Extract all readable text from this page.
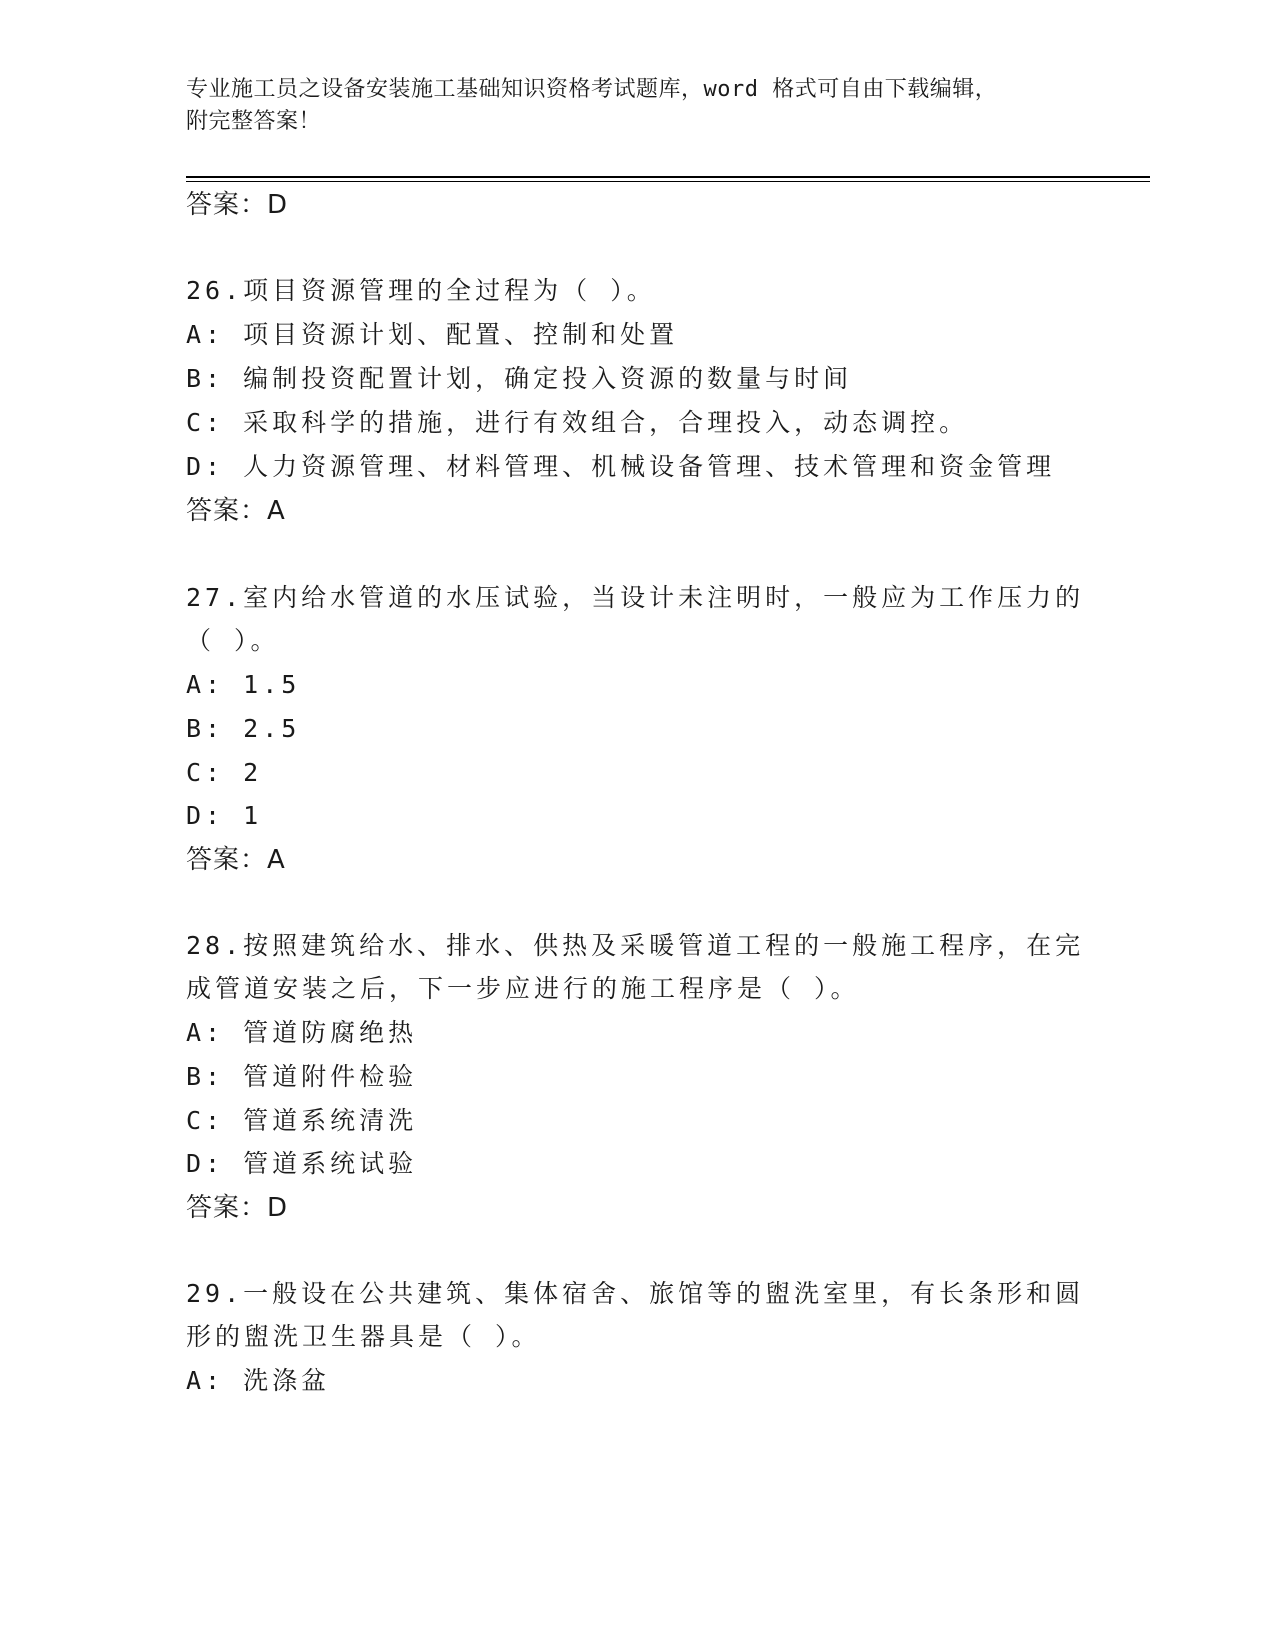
专业施工员之设备安装施工基础知识资格考试题库，word 格式可自由下载编辑，
附完整答案！
答案：D
26.项目资源管理的全过程为（ ）。
A: 项目资源计划、配置、控制和处置
B: 编制投资配置计划，确定投入资源的数量与时间
C: 采取科学的措施，进行有效组合，合理投入，动态调控。
D: 人力资源管理、材料管理、机械设备管理、技术管理和资金管理
答案：A
27.室内给水管道的水压试验，当设计未注明时，一般应为工作压力的
（ ）。
A: 1.5
B: 2.5
C: 2
D: 1
答案：A
28.按照建筑给水、排水、供热及采暖管道工程的一般施工程序，在完
成管道安装之后，下一步应进行的施工程序是（ ）。
A: 管道防腐绝热
B: 管道附件检验
C: 管道系统清洗
D: 管道系统试验
答案：D
29.一般设在公共建筑、集体宿舍、旅馆等的盥洗室里，有长条形和圆
形的盥洗卫生器具是（ ）。
A: 洗涤盆
